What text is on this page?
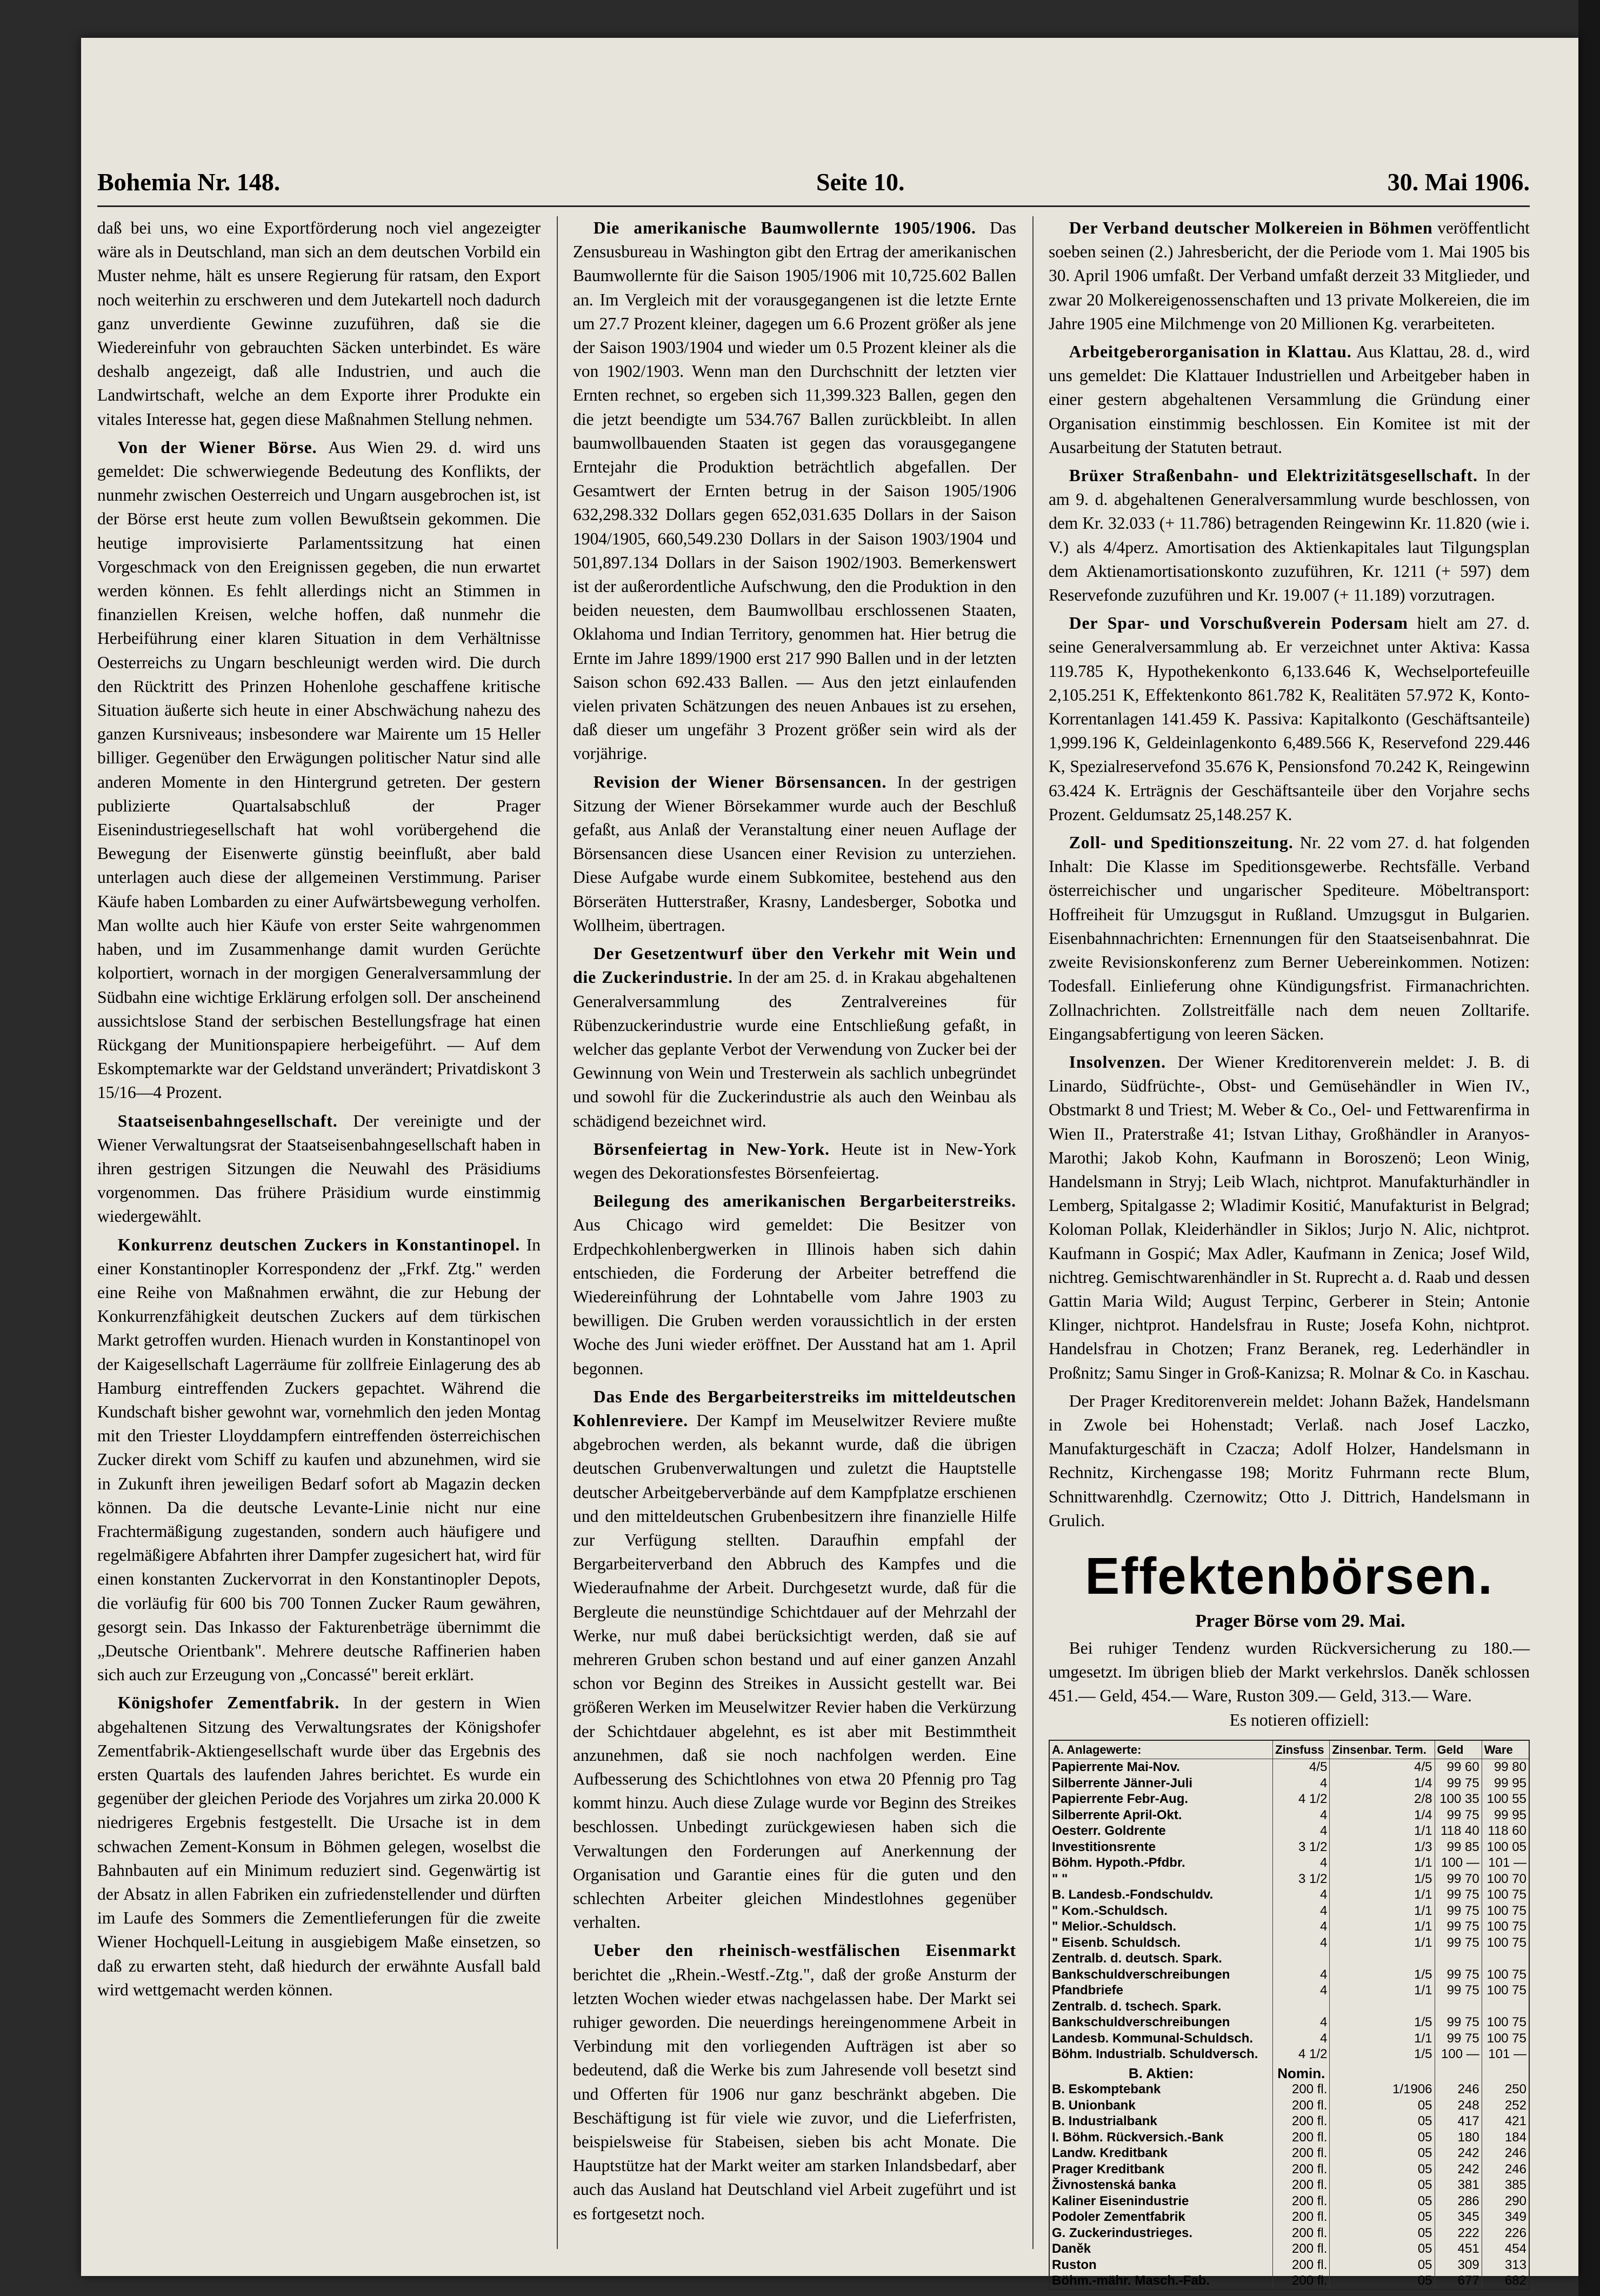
Bohemia Nr. 148.	Seite 10.	30. Mai 1906.

daß bei uns, wo eine Exportförderung noch viel angezeigter wäre als in Deutschland, man sich an dem deutschen Vorbild ein Muster nehme, hält es unsere Regierung für ratsam, den Export noch weiterhin zu erschweren und dem Jutekartell noch dadurch ganz unverdiente Gewinne zuzuführen, daß sie die Wiedereinfuhr von gebrauchten Säcken unterbindet. Es wäre deshalb angezeigt, daß alle Industrien, und auch die Landwirtschaft, welche an dem Exporte ihrer Produkte ein vitales Interesse hat, gegen diese Maßnahmen Stellung nehmen.

Von der Wiener Börse. Aus Wien 29. d. wird uns gemeldet: Die schwerwiegende Bedeutung des Konflikts, der nunmehr zwischen Oesterreich und Ungarn ausgebrochen ist, ist der Börse erst heute zum vollen Bewußtsein gekommen. Die heutige improvisierte Parlamentssitzung hat einen Vorgeschmack von den Ereignissen gegeben, die nun erwartet werden können. Es fehlt allerdings nicht an Stimmen in finanziellen Kreisen, welche hoffen, daß nunmehr die Herbeiführung einer klaren Situation in dem Verhältnisse Oesterreichs zu Ungarn beschleunigt werden wird. Die durch den Rücktritt des Prinzen Hohenlohe geschaffene kritische Situation äußerte sich heute in einer Abschwächung nahezu des ganzen Kursniveaus; insbesondere war Mairente um 15 Heller billiger. Gegenüber den Erwägungen politischer Natur sind alle anderen Momente in den Hintergrund getreten. Der gestern publizierte Quartalsabschluß der Prager Eisenindustriegesellschaft hat wohl vorübergehend die Bewegung der Eisenwerte günstig beeinflußt, aber bald unterlagen auch diese der allgemeinen Verstimmung. Pariser Käufe haben Lombarden zu einer Aufwärtsbewegung verholfen. Man wollte auch hier Käufe von erster Seite wahrgenommen haben, und im Zusammenhange damit wurden Gerüchte kolportiert, wornach in der morgigen Generalversammlung der Südbahn eine wichtige Erklärung erfolgen soll. Der anscheinend aussichtslose Stand der serbischen Bestellungsfrage hat einen Rückgang der Munitionspapiere herbeigeführt. — Auf dem Eskomptemarkte war der Geldstand unverändert; Privatdiskont 3 15/16—4 Prozent.

Staatseisenbahngesellschaft. Der vereinigte und der Wiener Verwaltungsrat der Staatseisenbahngesellschaft haben in ihren gestrigen Sitzungen die Neuwahl des Präsidiums vorgenommen. Das frühere Präsidium wurde einstimmig wiedergewählt.

Konkurrenz deutschen Zuckers in Konstantinopel. In einer Konstantinopler Korrespondenz der „Frkf. Ztg." werden eine Reihe von Maßnahmen erwähnt, die zur Hebung der Konkurrenzfähigkeit deutschen Zuckers auf dem türkischen Markt getroffen wurden. Hienach wurden in Konstantinopel von der Kaigesellschaft Lagerräume für zollfreie Einlagerung des ab Hamburg eintreffenden Zuckers gepachtet. Während die Kundschaft bisher gewohnt war, vornehmlich den jeden Montag mit den Triester Lloyddampfern eintreffenden österreichischen Zucker direkt vom Schiff zu kaufen und abzunehmen, wird sie in Zukunft ihren jeweiligen Bedarf sofort ab Magazin decken können. Da die deutsche Levante-Linie nicht nur eine Frachtermäßigung zugestanden, sondern auch häufigere und regelmäßigere Abfahrten ihrer Dampfer zugesichert hat, wird für einen konstanten Zuckervorrat in den Konstantinopler Depots, die vorläufig für 600 bis 700 Tonnen Zucker Raum gewähren, gesorgt sein. Das Inkasso der Fakturenbeträge übernimmt die „Deutsche Orientbank". Mehrere deutsche Raffinerien haben sich auch zur Erzeugung von „Concassé" bereit erklärt.

Königshofer Zementfabrik. In der gestern in Wien abgehaltenen Sitzung des Verwaltungsrates der Königshofer Zementfabrik-Aktiengesellschaft wurde über das Ergebnis des ersten Quartals des laufenden Jahres berichtet. Es wurde ein gegenüber der gleichen Periode des Vorjahres um zirka 20.000 K niedrigeres Ergebnis festgestellt. Die Ursache ist in dem schwachen Zement-Konsum in Böhmen gelegen, woselbst die Bahnbauten auf ein Minimum reduziert sind. Gegenwärtig ist der Absatz in allen Fabriken ein zufriedenstellender und dürften im Laufe des Sommers die Zementlieferungen für die zweite Wiener Hochquell-Leitung in ausgiebigem Maße einsetzen, so daß zu erwarten steht, daß hiedurch der erwähnte Ausfall bald wird wettgemacht werden können.

Die amerikanische Baumwollernte 1905/1906. Das Zensusbureau in Washington gibt den Ertrag der amerikanischen Baumwollernte für die Saison 1905/1906 mit 10,725.602 Ballen an. Im Vergleich mit der vorausgegangenen ist die letzte Ernte um 27.7 Prozent kleiner, dagegen um 6.6 Prozent größer als jene der Saison 1903/1904 und wieder um 0.5 Prozent kleiner als die von 1902/1903. Wenn man den Durchschnitt der letzten vier Ernten rechnet, so ergeben sich 11,399.323 Ballen, gegen den die jetzt beendigte um 534.767 Ballen zurückbleibt. In allen baumwollbauenden Staaten ist gegen das vorausgegangene Erntejahr die Produktion beträchtlich abgefallen. Der Gesamtwert der Ernten betrug in der Saison 1905/1906 632,298.332 Dollars gegen 652,031.635 Dollars in der Saison 1904/1905, 660,549.230 Dollars in der Saison 1903/1904 und 501,897.134 Dollars in der Saison 1902/1903. Bemerkenswert ist der außerordentliche Aufschwung, den die Produktion in den beiden neuesten, dem Baumwollbau erschlossenen Staaten, Oklahoma und Indian Territory, genommen hat. Hier betrug die Ernte im Jahre 1899/1900 erst 217 990 Ballen und in der letzten Saison schon 692.433 Ballen. — Aus den jetzt einlaufenden vielen privaten Schätzungen des neuen Anbaues ist zu ersehen, daß dieser um ungefähr 3 Prozent größer sein wird als der vorjährige.

Revision der Wiener Börsensancen. In der gestrigen Sitzung der Wiener Börsekammer wurde auch der Beschluß gefaßt, aus Anlaß der Veranstaltung einer neuen Auflage der Börsensancen diese Usancen einer Revision zu unterziehen. Diese Aufgabe wurde einem Subkomitee, bestehend aus den Börseräten Hutterstraßer, Krasny, Landesberger, Sobotka und Wollheim, übertragen.

Der Gesetzentwurf über den Verkehr mit Wein und die Zuckerindustrie. In der am 25. d. in Krakau abgehaltenen Generalversammlung des Zentralvereines für Rübenzuckerindustrie wurde eine Entschließung gefaßt, in welcher das geplante Verbot der Verwendung von Zucker bei der Gewinnung von Wein und Tresterwein als sachlich unbegründet und sowohl für die Zuckerindustrie als auch den Weinbau als schädigend bezeichnet wird.

Börsenfeiertag in New-York. Heute ist in New-York wegen des Dekorationsfestes Börsenfeiertag.

Beilegung des amerikanischen Bergarbeiterstreiks. Aus Chicago wird gemeldet: Die Besitzer von Erdpechkohlenbergwerken in Illinois haben sich dahin entschieden, die Forderung der Arbeiter betreffend die Wiedereinführung der Lohntabelle vom Jahre 1903 zu bewilligen. Die Gruben werden voraussichtlich in der ersten Woche des Juni wieder eröffnet. Der Ausstand hat am 1. April begonnen.

Das Ende des Bergarbeiterstreiks im mitteldeutschen Kohlenreviere. Der Kampf im Meuselwitzer Reviere mußte abgebrochen werden, als bekannt wurde, daß die übrigen deutschen Grubenverwaltungen und zuletzt die Hauptstelle deutscher Arbeitgeberverbände auf dem Kampfplatze erschienen und den mitteldeutschen Grubenbesitzern ihre finanzielle Hilfe zur Verfügung stellten. Daraufhin empfahl der Bergarbeiterverband den Abbruch des Kampfes und die Wiederaufnahme der Arbeit. Durchgesetzt wurde, daß für die Bergleute die neunstündige Schichtdauer auf der Mehrzahl der Werke, nur muß dabei berücksichtigt werden, daß sie auf mehreren Gruben schon bestand und auf einer ganzen Anzahl schon vor Beginn des Streikes in Aussicht gestellt war. Bei größeren Werken im Meuselwitzer Revier haben die Verkürzung der Schichtdauer abgelehnt, es ist aber mit Bestimmtheit anzunehmen, daß sie noch nachfolgen werden. Eine Aufbesserung des Schichtlohnes von etwa 20 Pfennig pro Tag kommt hinzu. Auch diese Zulage wurde vor Beginn des Streikes beschlossen. Unbedingt zurückgewiesen haben sich die Verwaltungen den Forderungen auf Anerkennung der Organisation und Garantie eines für die guten und den schlechten Arbeiter gleichen Mindestlohnes gegenüber verhalten.

Ueber den rheinisch-westfälischen Eisenmarkt berichtet die „Rhein.-Westf.-Ztg.", daß der große Ansturm der letzten Wochen wieder etwas nachgelassen habe. Der Markt sei ruhiger geworden. Die neuerdings hereingenommene Arbeit in Verbindung mit den vorliegenden Aufträgen ist aber so bedeutend, daß die Werke bis zum Jahresende voll besetzt sind und Offerten für 1906 nur ganz beschränkt abgeben. Die Beschäftigung ist für viele wie zuvor, und die Lieferfristen, beispielsweise für Stabeisen, sieben bis acht Monate. Die Hauptstütze hat der Markt weiter am starken Inlandsbedarf, aber auch das Ausland hat Deutschland viel Arbeit zugeführt und ist es fortgesetzt noch.

Der Verband deutscher Molkereien in Böhmen veröffentlicht soeben seinen (2.) Jahresbericht, der die Periode vom 1. Mai 1905 bis 30. April 1906 umfaßt. Der Verband umfaßt derzeit 33 Mitglieder, und zwar 20 Molkereigenossenschaften und 13 private Molkereien, die im Jahre 1905 eine Milchmenge von 20 Millionen Kg. verarbeiteten.

Arbeitgeberorganisation in Klattau. Aus Klattau, 28. d., wird uns gemeldet: Die Klattauer Industriellen und Arbeitgeber haben in einer gestern abgehaltenen Versammlung die Gründung einer Organisation einstimmig beschlossen. Ein Komitee ist mit der Ausarbeitung der Statuten betraut.

Brüxer Straßenbahn- und Elektrizitätsgesellschaft. In der am 9. d. abgehaltenen Generalversammlung wurde beschlossen, von dem Kr. 32.033 (+ 11.786) betragenden Reingewinn Kr. 11.820 (wie i. V.) als 4/4perz. Amortisation des Aktienkapitales laut Tilgungsplan dem Aktienamortisationskonto zuzuführen, Kr. 1211 (+ 597) dem Reservefonde zuzuführen und Kr. 19.007 (+ 11.189) vorzutragen.

Der Spar- und Vorschußverein Podersam hielt am 27. d. seine Generalversammlung ab. Er verzeichnet unter Aktiva: Kassa 119.785 K, Hypothekenkonto 6,133.646 K, Wechselportefeuille 2,105.251 K, Effektenkonto 861.782 K, Realitäten 57.972 K, Konto-Korrentanlagen 141.459 K. Passiva: Kapitalkonto (Geschäftsanteile) 1,999.196 K, Geldeinlagenkonto 6,489.566 K, Reservefond 229.446 K, Spezialreservefond 35.676 K, Pensionsfond 70.242 K, Reingewinn 63.424 K. Erträgnis der Geschäftsanteile über den Vorjahre sechs Prozent. Geldumsatz 25,148.257 K.

Zoll- und Speditionszeitung. Nr. 22 vom 27. d. hat folgenden Inhalt: Die Klasse im Speditionsgewerbe. Rechtsfälle. Verband österreichischer und ungarischer Spediteure. Möbeltransport: Hoffreiheit für Umzugsgut in Rußland. Umzugsgut in Bulgarien. Eisenbahnnachrichten: Ernennungen für den Staatseisenbahnrat. Die zweite Revisionskonferenz zum Berner Uebereinkommen. Notizen: Todesfall. Einlieferung ohne Kündigungsfrist. Firmanachrichten. Zollnachrichten. Zollstreitfälle nach dem neuen Zolltarife. Eingangsabfertigung von leeren Säcken.

Insolvenzen. Der Wiener Kreditorenverein meldet: J. B. di Linardo, Südfrüchte-, Obst- und Gemüsehändler in Wien IV., Obstmarkt 8 und Triest; M. Weber & Co., Oel- und Fettwarenfirma in Wien II., Praterstraße 41; Istvan Lithay, Großhändler in Aranyos-Marothi; Jakob Kohn, Kaufmann in Boroszenö; Leon Winig, Handelsmann in Stryj; Leib Wlach, nichtprot. Manufakturhändler in Lemberg, Spitalgasse 2; Wladimir Kositić, Manufakturist in Belgrad; Koloman Pollak, Kleiderhändler in Siklos; Jurjo N. Alic, nichtprot. Kaufmann in Gospić; Max Adler, Kaufmann in Zenica; Josef Wild, nichtreg. Gemischtwarenhändler in St. Ruprecht a. d. Raab und dessen Gattin Maria Wild; August Terpinc, Gerberer in Stein; Antonie Klinger, nichtprot. Handelsfrau in Ruste; Josefa Kohn, nichtprot. Handelsfrau in Chotzen; Franz Beranek, reg. Lederhändler in Proßnitz; Samu Singer in Groß-Kanizsa; R. Molnar & Co. in Kaschau.

Der Prager Kreditorenverein meldet: Johann Bažek, Handelsmann in Zwole bei Hohenstadt; Verlaß. nach Josef Laczko, Manufakturgeschäft in Czacza; Adolf Holzer, Handelsmann in Rechnitz, Kirchengasse 198; Moritz Fuhrmann recte Blum, Schnittwarenhdlg. Czernowitz; Otto J. Dittrich, Handelsmann in Grulich.

Effektenbörsen.

Prager Börse vom 29. Mai.

Bei ruhiger Tendenz wurden Rückversicherung zu 180.— umgesetzt. Im übrigen blieb der Markt verkehrslos. Daněk schlossen 451.— Geld, 454.— Ware, Ruston 309.— Geld, 313.— Ware.

Es notieren offiziell:

A. Anlagewerte:	Zinsfuss	Zinsenbar. Term.	Geld	Ware
Papierrente Mai-Nov.	4/5	4/5	99 60	99 80
Silberrente Jänner-Juli	4	1/4	99 75	99 95
Papierrente Febr-Aug.	4 1/2	2/8	100 35	100 55
Silberrente April-Okt.	4	1/4	99 75	99 95
Oesterr. Goldrente	4	1/1	118 40	118 60
Investitionsrente	3 1/2	1/3	99 85	100 05
Böhm. Hypoth.-Pfdbr.	4	1/1	100 —	101 —
" "	3 1/2	1/5	99 70	100 70
B. Landesb.-Fondschuldv.	4	1/1	99 75	100 75
" Kom.-Schuldsch.	4	1/1	99 75	100 75
" Melior.-Schuldsch.	4	1/1	99 75	100 75
" Eisenb. Schuldsch.	4	1/1	99 75	100 75
Zentralb. d. deutsch. Spark.				
Bankschuldverschreibungen	4	1/5	99 75	100 75
Pfandbriefe	4	1/1	99 75	100 75
Zentralb. d. tschech. Spark.				
Bankschuldverschreibungen	4	1/5	99 75	100 75
Landesb. Kommunal-Schuldsch.	4	1/1	99 75	100 75
Böhm. Industrialb. Schuldversch.	4 1/2	1/5	100 —	101 —
B. Aktien:	Nomin.			
B. Eskomptebank	200 fl.	1/1906	246	250
B. Unionbank	200 fl.	05	248	252
B. Industrialbank	200 fl.	05	417	421
I. Böhm. Rückversich.-Bank	200 fl.	05	180	184
Landw. Kreditbank	200 fl.	05	242	246
Prager Kreditbank	200 fl.	05	242	246
Živnostenská banka	200 fl.	05	381	385
Kaliner Eisenindustrie	200 fl.	05	286	290
Podoler Zementfabrik	200 fl.	05	345	349
G. Zuckerindustrieges.	200 fl.	05	222	226
Daněk	200 fl.	05	451	454
Ruston	200 fl.	05	309	313
Böhm.-mähr. Masch.-Fab.	200 fl.	05	677	682
